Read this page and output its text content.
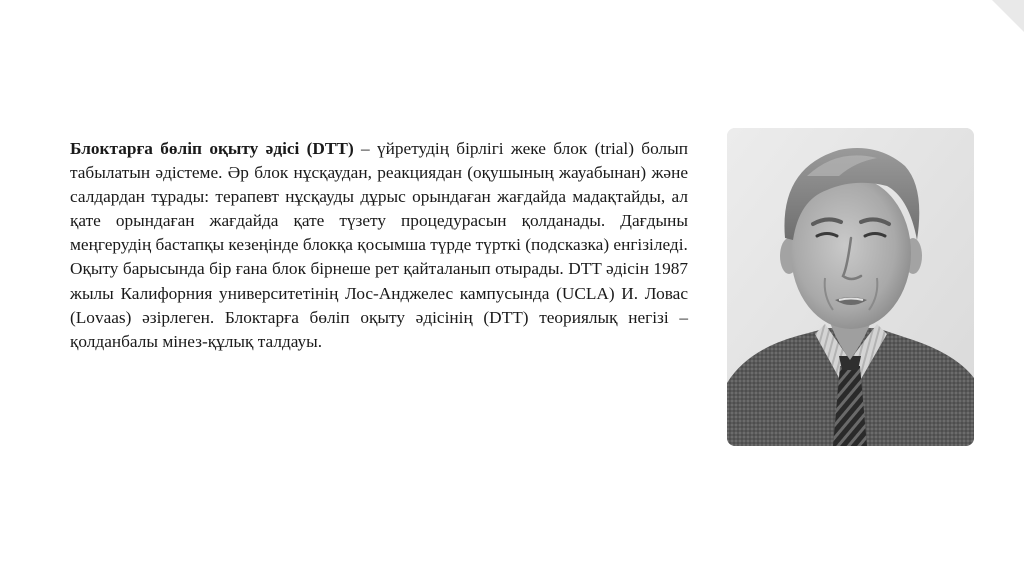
Блоктарға бөліп оқыту әдісі (DTT) – үйретудің бірлігі жеке блок (trial) болып табылатын әдістеме. Әр блок нұсқаудан, реакциядан (оқушының жауабынан) және салдардан тұрады: терапевт нұсқауды дұрыс орындаған жағдайда мадақтайды, ал қате орындаған жағдайда қате түзету процедурасын қолданады. Дағдыны меңгерудің бастапқы кезеңінде блокқа қосымша түрде түрткі (подсказка) енгізіледі.

Оқыту барысында бір ғана блок бірнеше рет қайталанып отырады. DTT әдісін 1987 жылы Калифорния университетінің Лос-Анджелес кампусында (UCLA) И. Ловас (Lovaas) әзірлеген. Блоктарға бөліп оқыту әдісінің (DTT) теориялық негізі – қолданбалы мінез-құлық талдауы.
